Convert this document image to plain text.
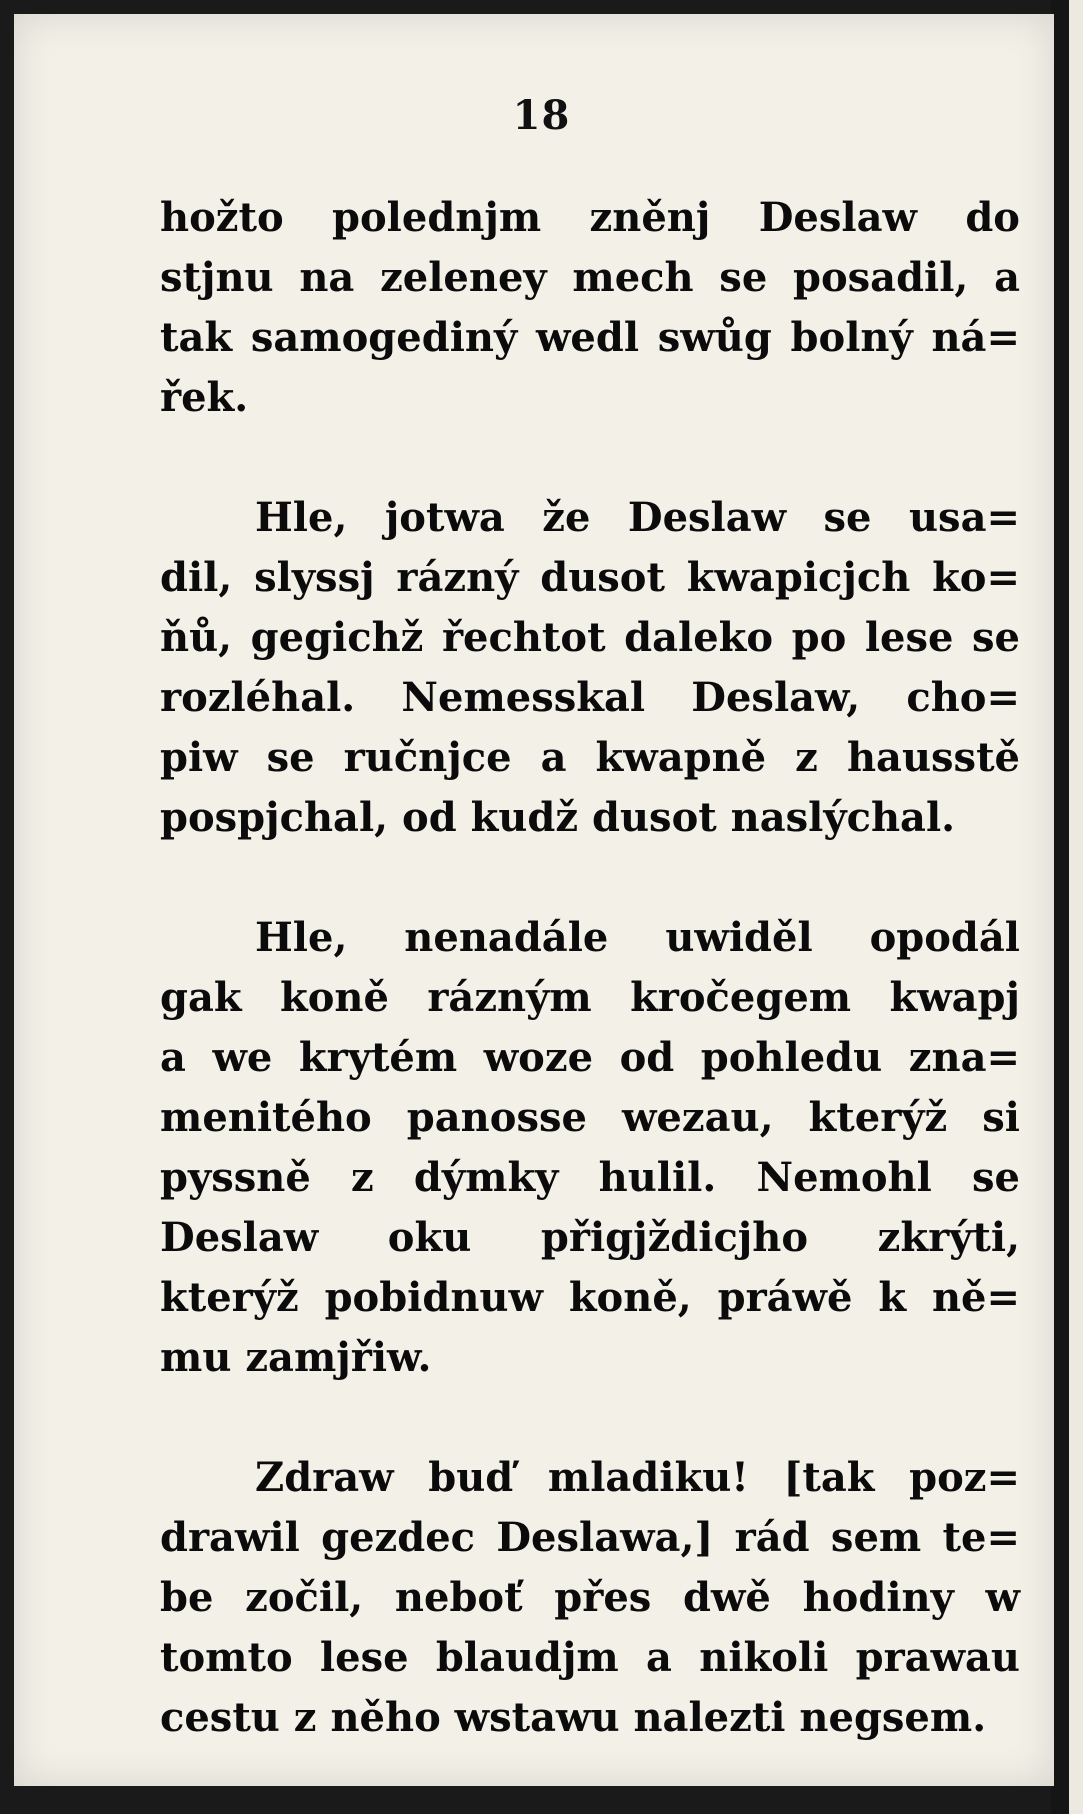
18
hožto polednjm zněnj Deslaw do
stjnu na zeleney mech se posadil, a
tak samogediný wedl swůg bolný ná=
řek.
Hle, jotwa že Deslaw se usa=
dil, slyssj rázný dusot kwapicjch ko=
ňů, gegichž řechtot daleko po lese se
rozléhal. Nemesskal Deslaw, cho=
piw se ručnjce a kwapně z hausstě
pospjchal, od kudž dusot naslýchal.
Hle, nenadále uwiděl opodál
gak koně rázným kročegem kwapj
a we krytém woze od pohledu zna=
menitého panosse wezau, kterýž si
pyssně z dýmky hulil. Nemohl se
Deslaw oku přigjždicjho zkrýti,
kterýž pobidnuw koně, práwě k ně=
mu zamjřiw.
Zdraw buď mladiku! [tak poz=
drawil gezdec Deslawa,] rád sem te=
be zočil, neboť přes dwě hodiny w
tomto lese blaudjm a nikoli prawau
cestu z něho wstawu nalezti negsem.
